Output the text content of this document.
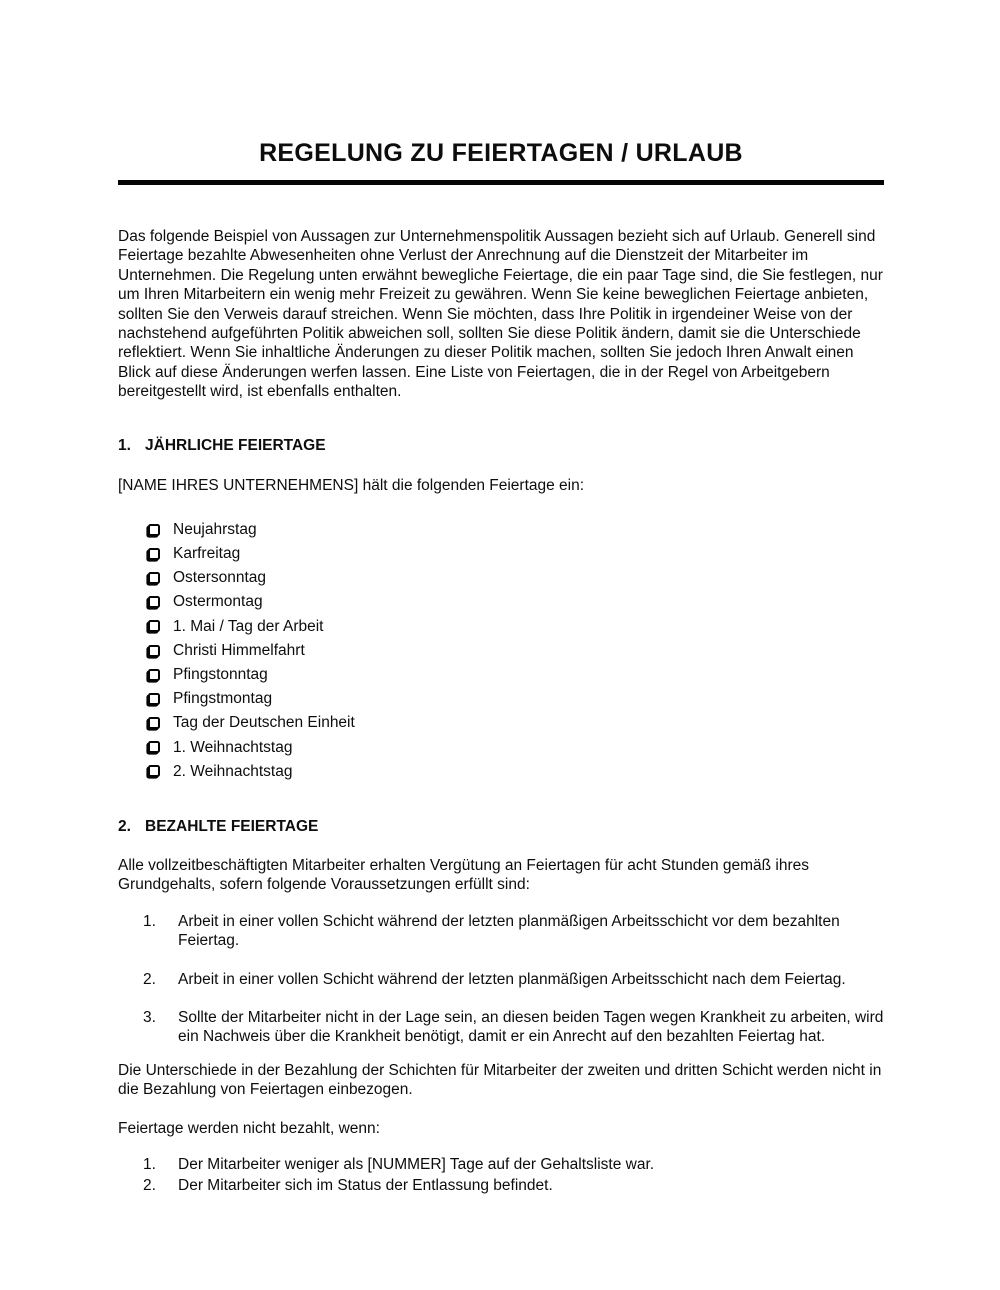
REGELUNG ZU FEIERTAGEN / URLAUB
Das folgende Beispiel von Aussagen zur Unternehmenspolitik Aussagen bezieht sich auf Urlaub. Generell sind Feiertage bezahlte Abwesenheiten ohne Verlust der Anrechnung auf die Dienstzeit der Mitarbeiter im Unternehmen. Die Regelung unten erwähnt bewegliche Feiertage, die ein paar Tage sind, die Sie festlegen, nur um Ihren Mitarbeitern ein wenig mehr Freizeit zu gewähren. Wenn Sie keine beweglichen Feiertage anbieten, sollten Sie den Verweis darauf streichen. Wenn Sie möchten, dass Ihre Politik in irgendeiner Weise von der nachstehend aufgeführten Politik abweichen soll, sollten Sie diese Politik ändern, damit sie die Unterschiede reflektiert. Wenn Sie inhaltliche Änderungen zu dieser Politik machen, sollten Sie jedoch Ihren Anwalt einen Blick auf diese Änderungen werfen lassen. Eine Liste von Feiertagen, die in der Regel von Arbeitgebern bereitgestellt wird, ist ebenfalls enthalten.
1. JÄHRLICHE FEIERTAGE
[NAME IHRES UNTERNEHMENS] hält die folgenden Feiertage ein:
Neujahrstag
Karfreitag
Ostersonntag
Ostermontag
1. Mai / Tag der Arbeit
Christi Himmelfahrt
Pfingstonntag
Pfingstmontag
Tag der Deutschen Einheit
1. Weihnachtstag
2. Weihnachtstag
2. BEZAHLTE FEIERTAGE
Alle vollzeitbeschäftigten Mitarbeiter erhalten Vergütung an Feiertagen für acht Stunden gemäß ihres Grundgehalts, sofern folgende Voraussetzungen erfüllt sind:
1.	Arbeit in einer vollen Schicht während der letzten planmäßigen Arbeitsschicht vor dem bezahlten Feiertag.
2.	Arbeit in einer vollen Schicht während der letzten planmäßigen Arbeitsschicht nach dem Feiertag.
3.	Sollte der Mitarbeiter nicht in der Lage sein, an diesen beiden Tagen wegen Krankheit zu arbeiten, wird ein Nachweis über die Krankheit benötigt, damit er ein Anrecht auf den bezahlten Feiertag hat.
Die Unterschiede in der Bezahlung der Schichten für Mitarbeiter der zweiten und dritten Schicht werden nicht in die Bezahlung von Feiertagen einbezogen.
Feiertage werden nicht bezahlt, wenn:
1.	Der Mitarbeiter weniger als [NUMMER] Tage auf der Gehaltsliste war.
2.	Der Mitarbeiter sich im Status der Entlassung befindet.
